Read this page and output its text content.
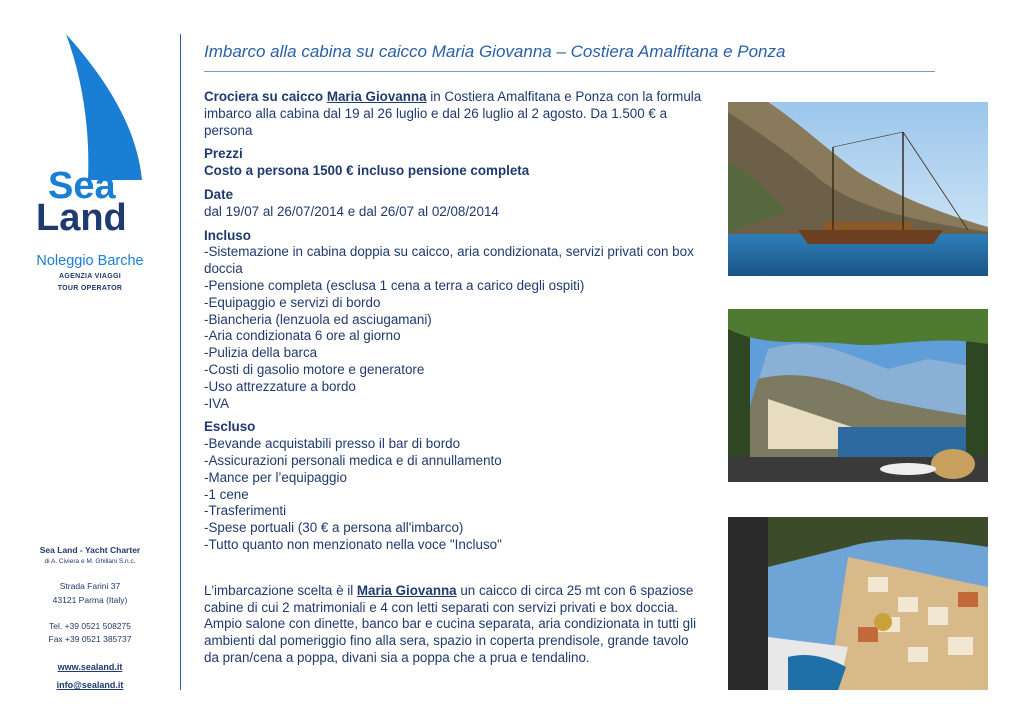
Sea
Land
Noleggio Barche
AGENZIA VIAGGI
TOUR OPERATOR
Sea Land - Yacht Charter
di A. Civiera e M. Ghillani S.n.c.
Strada Farini 37
43121 Parma (Italy)
Tel. +39 0521 508275
Fax +39 0521 385737
www.sealand.it
info@sealand.it
Imbarco alla cabina su caicco Maria Giovanna – Costiera Amalfitana e Ponza

Crociera su caicco Maria Giovanna in Costiera Amalfitana e Ponza con la formula imbarco alla cabina dal 19 al 26 luglio e dal 26 luglio al 2 agosto. Da 1.500 € a persona

Prezzi

Costo a persona 1500 € incluso pensione completa

Date

dal 19/07 al 26/07/2014 e dal 26/07 al 02/08/2014

Incluso

-Sistemazione in cabina doppia su caicco, aria condizionata, servizi privati con box doccia

-Pensione completa (esclusa 1 cena a terra a carico degli ospiti)

-Equipaggio e servizi di bordo

-Biancheria (lenzuola ed asciugamani)

-Aria condizionata 6 ore al giorno

-Pulizia della barca

-Costi di gasolio motore e generatore

-Uso attrezzature a bordo

-IVA

Escluso

-Bevande acquistabili presso il bar di bordo

-Assicurazioni personali medica e di annullamento

-Mance per l’equipaggio

-1 cene

-Trasferimenti

-Spese portuali (30 € a persona all'imbarco)

-Tutto quanto non menzionato nella voce "Incluso"

L'imbarcazione scelta è il Maria Giovanna un caicco di circa 25 mt con 6 spaziose cabine di cui 2 matrimoniali e 4 con letti separati con servizi privati e box doccia. Ampio salone con dinette, banco bar e cucina separata, aria condizionata in tutti gli ambienti dal pomeriggio fino alla sera, spazio in coperta prendisole, grande tavolo da pran/cena a poppa, divani sia a poppa che a prua e tendalino.
